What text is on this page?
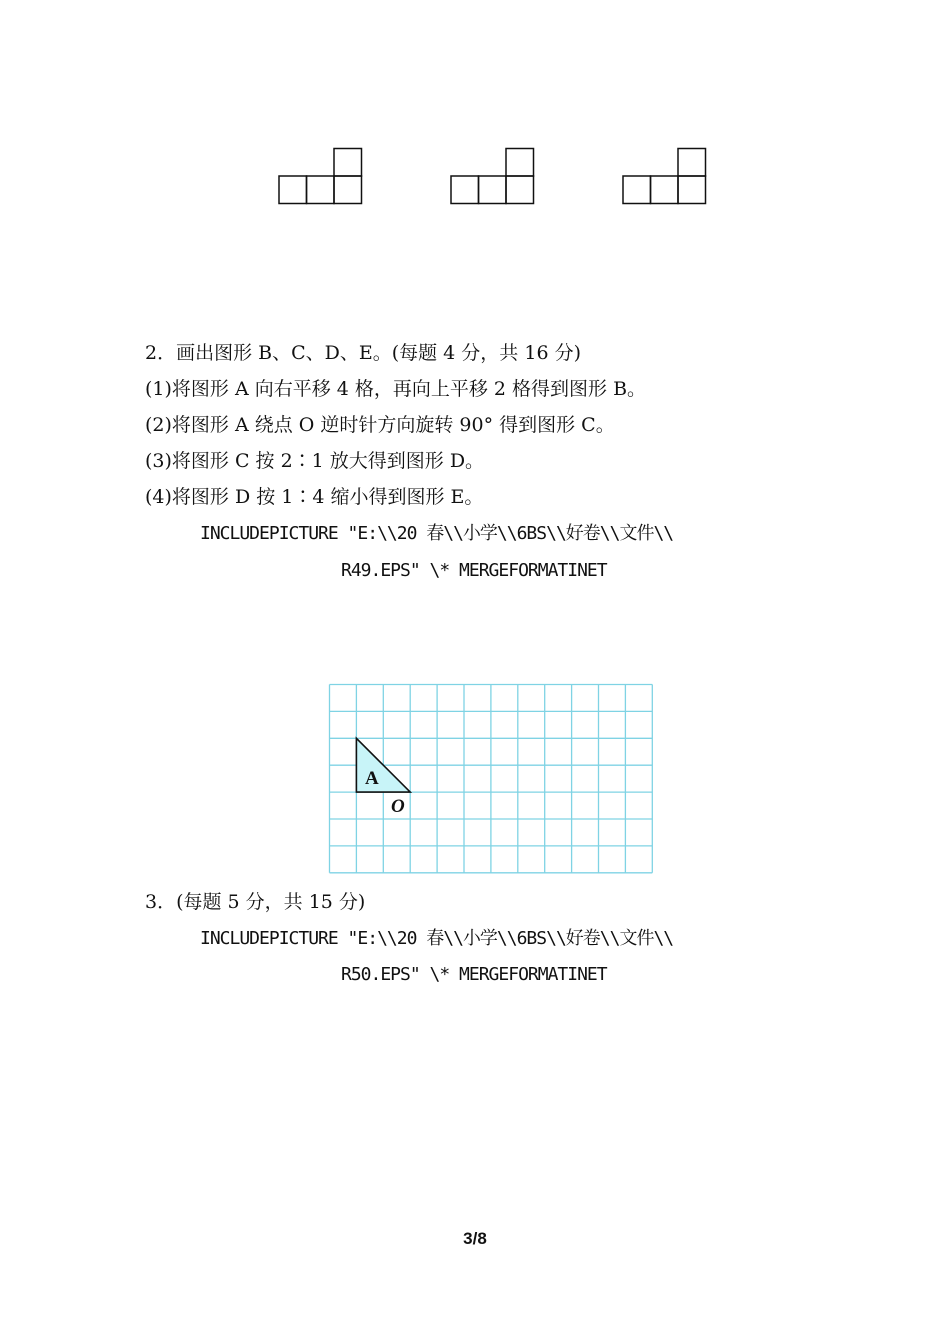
2．画出图形 B、C、D、E。(每题 4 分，共 16 分)
(1)将图形 A 向右平移 4 格，再向上平移 2 格得到图形 B。
(2)将图形 A 绕点 O 逆时针方向旋转 90° 得到图形 C。
(3)将图形 C 按 2∶1 放大得到图形 D。
(4)将图形 D 按 1∶4 缩小得到图形 E。
INCLUDEPICTURE "E:\\20 春\\小学\\6BS\\好卷\\文件\\
R49.EPS" \* MERGEFORMATINET
A
O
3．(每题 5 分，共 15 分)
INCLUDEPICTURE "E:\\20 春\\小学\\6BS\\好卷\\文件\\
R50.EPS" \* MERGEFORMATINET
3/8
